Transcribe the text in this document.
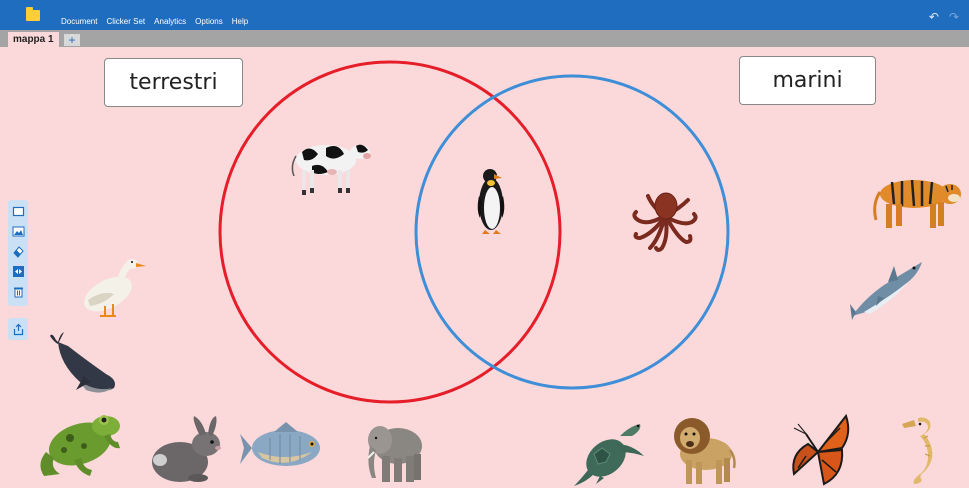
Document Clicker Set Analytics Options Help	↶ ↷
mappa 1	+
terrestri	marini
